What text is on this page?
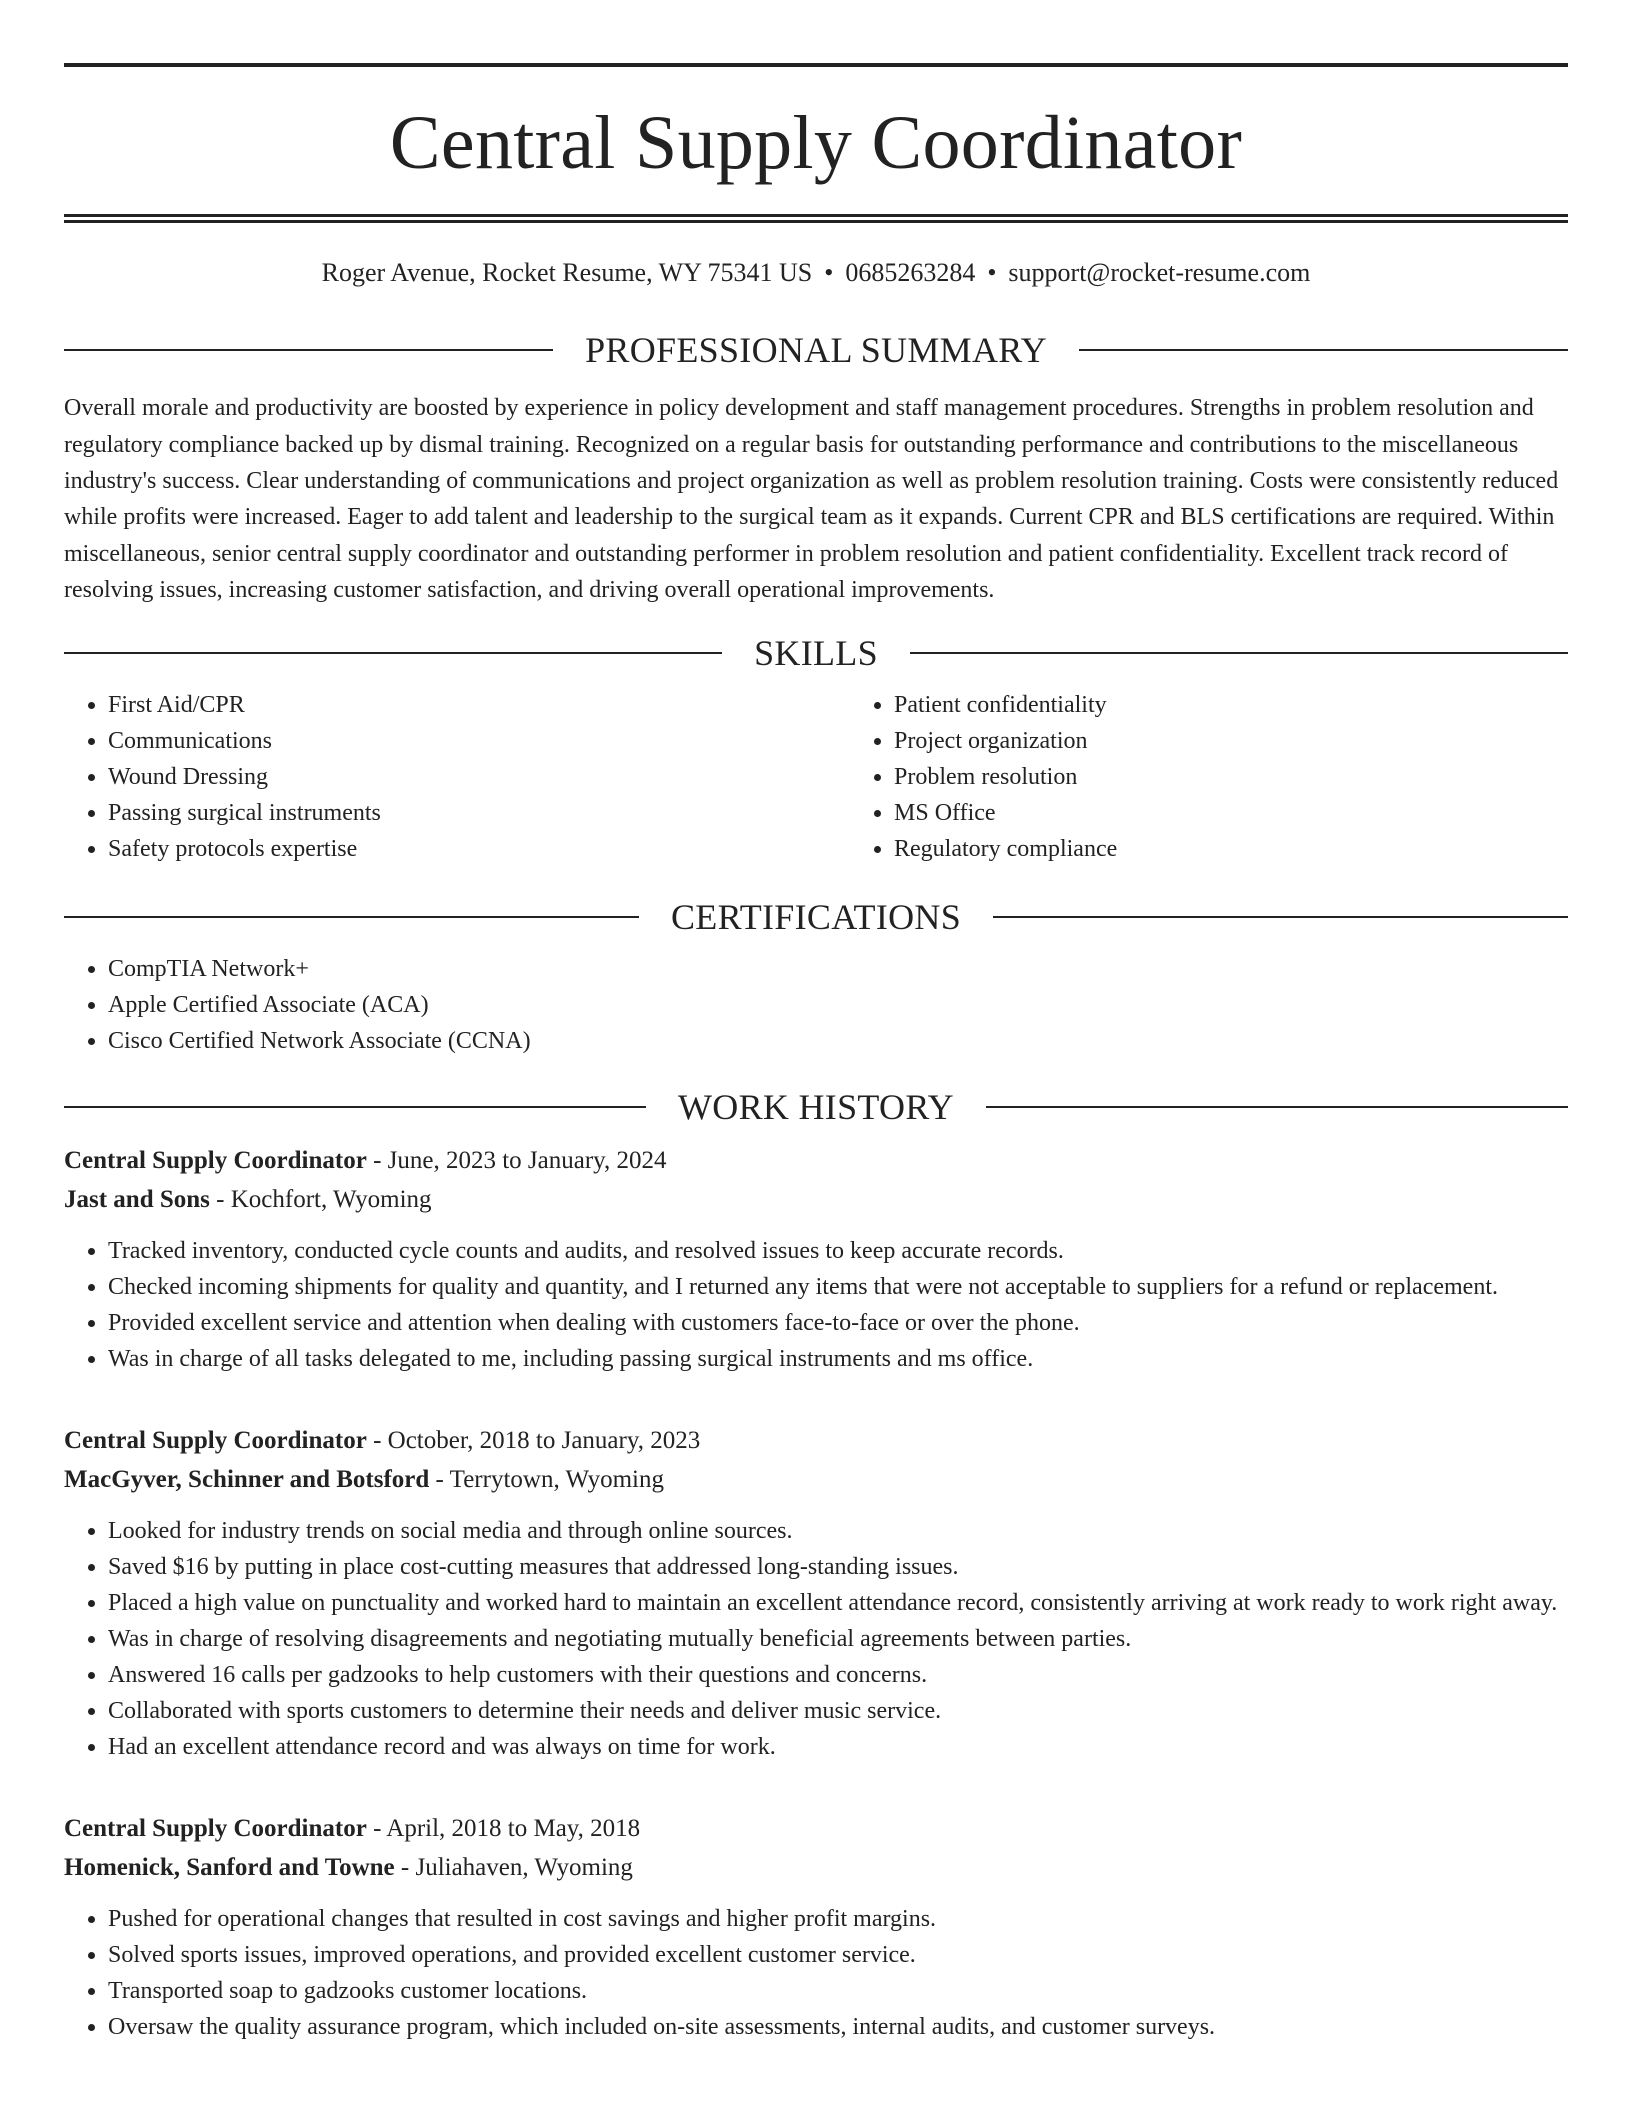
Central Supply Coordinator
Roger Avenue, Rocket Resume, WY 75341 US • 0685263284 • support@rocket-resume.com
PROFESSIONAL SUMMARY

Overall morale and productivity are boosted by experience in policy development and staff management procedures. Strengths in problem resolution and regulatory compliance backed up by dismal training. Recognized on a regular basis for outstanding performance and contributions to the miscellaneous industry's success. Clear understanding of communications and project organization as well as problem resolution training. Costs were consistently reduced while profits were increased. Eager to add talent and leadership to the surgical team as it expands. Current CPR and BLS certifications are required. Within miscellaneous, senior central supply coordinator and outstanding performer in problem resolution and patient confidentiality. Excellent track record of resolving issues, increasing customer satisfaction, and driving overall operational improvements.

SKILLS
• First Aid/CPR
• Communications
• Wound Dressing
• Passing surgical instruments
• Safety protocols expertise
• Patient confidentiality
• Project organization
• Problem resolution
• MS Office
• Regulatory compliance
CERTIFICATIONS
• CompTIA Network+
• Apple Certified Associate (ACA)
• Cisco Certified Network Associate (CCNA)
WORK HISTORY
Central Supply Coordinator - June, 2023 to January, 2024
Jast and Sons - Kochfort, Wyoming
• Tracked inventory, conducted cycle counts and audits, and resolved issues to keep accurate records.
• Checked incoming shipments for quality and quantity, and I returned any items that were not acceptable to suppliers for a refund or replacement.
• Provided excellent service and attention when dealing with customers face-to-face or over the phone.
• Was in charge of all tasks delegated to me, including passing surgical instruments and ms office.
Central Supply Coordinator - October, 2018 to January, 2023
MacGyver, Schinner and Botsford - Terrytown, Wyoming
• Looked for industry trends on social media and through online sources.
• Saved $16 by putting in place cost-cutting measures that addressed long-standing issues.
• Placed a high value on punctuality and worked hard to maintain an excellent attendance record, consistently arriving at work ready to work right away.
• Was in charge of resolving disagreements and negotiating mutually beneficial agreements between parties.
• Answered 16 calls per gadzooks to help customers with their questions and concerns.
• Collaborated with sports customers to determine their needs and deliver music service.
• Had an excellent attendance record and was always on time for work.
Central Supply Coordinator - April, 2018 to May, 2018
Homenick, Sanford and Towne - Juliahaven, Wyoming
• Pushed for operational changes that resulted in cost savings and higher profit margins.
• Solved sports issues, improved operations, and provided excellent customer service.
• Transported soap to gadzooks customer locations.
• Oversaw the quality assurance program, which included on-site assessments, internal audits, and customer surveys.
